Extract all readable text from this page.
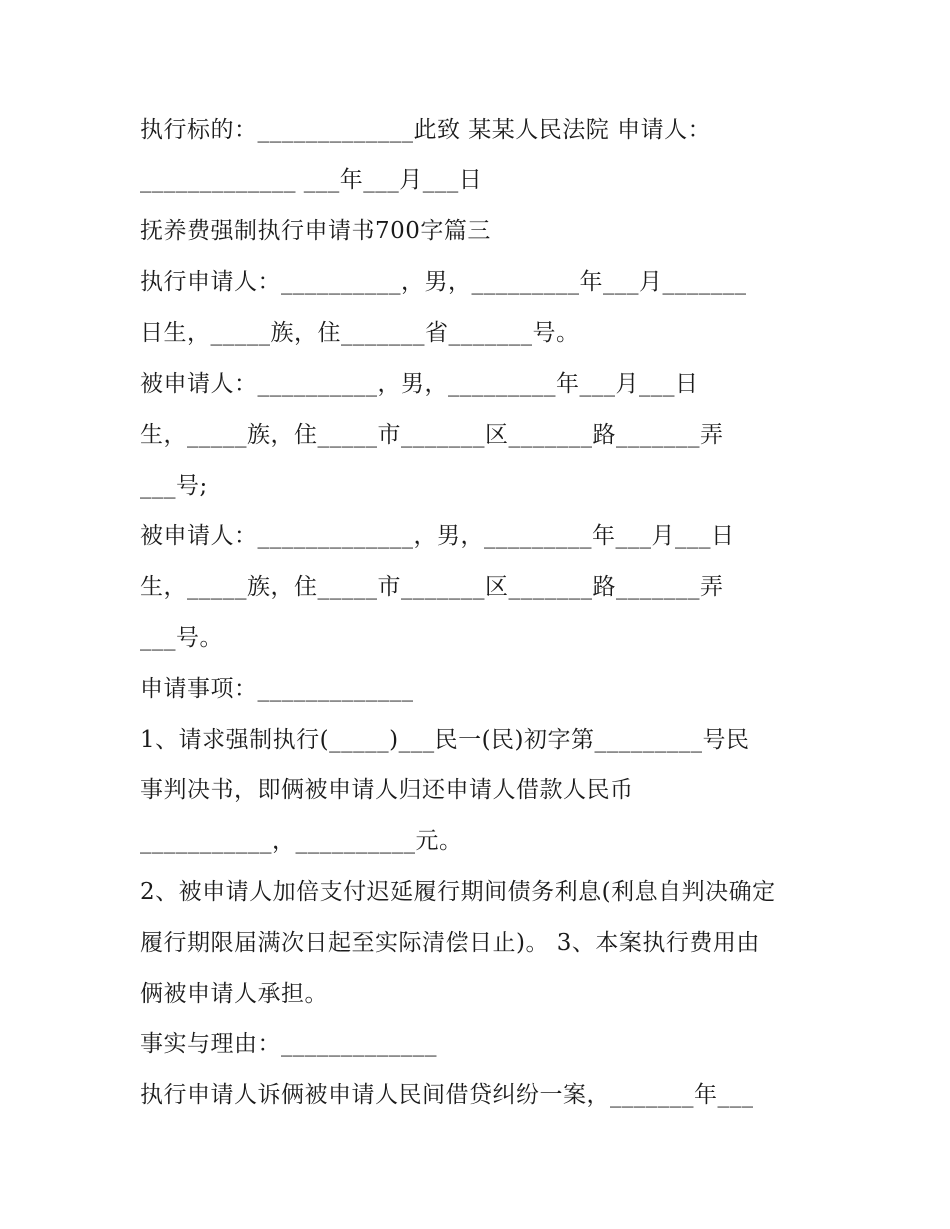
执行标的：_____________此致 某某人民法院 申请人：
_____________ ___年___月___日
抚养费强制执行申请书700字篇三
执行申请人：__________，男，_________年___月_______
日生，_____族，住_______省_______号。
被申请人：__________，男，_________年___月___日
生，_____族，住_____市_______区_______路_______弄
___号;
被申请人：_____________，男，_________年___月___日
生，_____族，住_____市_______区_______路_______弄
___号。
申请事项：_____________
1、请求强制执行(_____)___民一(民)初字第_________号民
事判决书，即俩被申请人归还申请人借款人民币
___________，__________元。
2、被申请人加倍支付迟延履行期间债务利息(利息自判决确定
履行期限届满次日起至实际清偿日止)。 3、本案执行费用由
俩被申请人承担。
事实与理由：_____________
执行申请人诉俩被申请人民间借贷纠纷一案，_______年___
